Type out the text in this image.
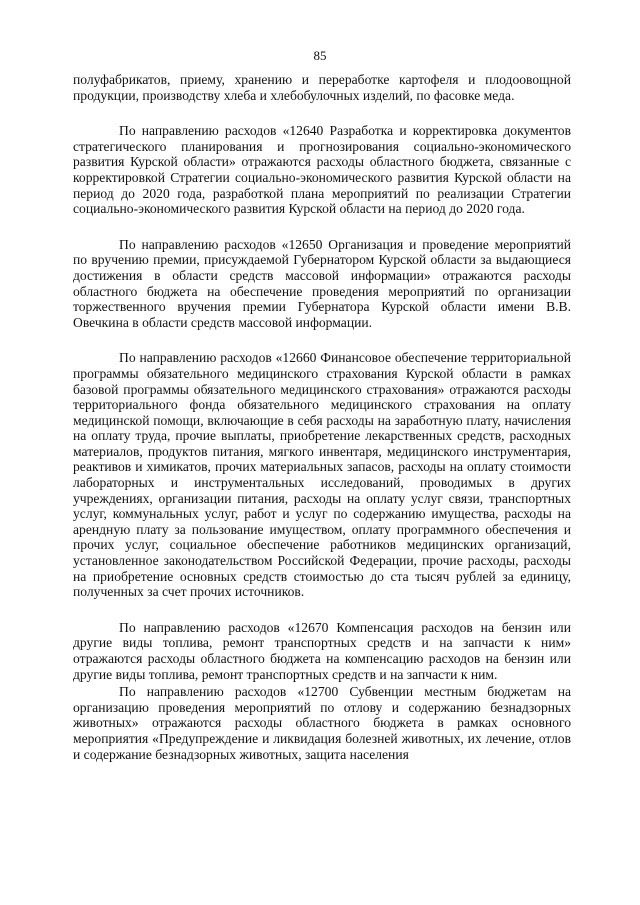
85

полуфабрикатов, приему, хранению и переработке картофеля и плодоовощной продукции, производству хлеба и хлебобулочных изделий, по фасовке меда.

По направлению расходов «12640 Разработка и корректировка документов стратегического планирования и прогнозирования социально-экономического развития Курской области» отражаются расходы областного бюджета, связанные с корректировкой Стратегии социально-экономического развития Курской области на период до 2020 года, разработкой плана мероприятий по реализации Стратегии социально-экономического развития Курской области на период до 2020 года.

По направлению расходов «12650 Организация и проведение мероприятий по вручению премии, присуждаемой Губернатором Курской области за выдающиеся достижения в области средств массовой информации» отражаются расходы областного бюджета на обеспечение проведения мероприятий по организации торжественного вручения премии Губернатора Курской области имени В.В. Овечкина в области средств массовой информации.

По направлению расходов «12660 Финансовое обеспечение территориальной программы обязательного медицинского страхования Курской области в рамках базовой программы обязательного медицинского страхования» отражаются расходы территориального фонда обязательного медицинского страхования на оплату медицинской помощи, включающие в себя расходы на заработную плату, начисления на оплату труда, прочие выплаты, приобретение лекарственных средств, расходных материалов, продуктов питания, мягкого инвентаря, медицинского инструментария, реактивов и химикатов, прочих материальных запасов, расходы на оплату стоимости лабораторных и инструментальных исследований, проводимых в других учреждениях, организации питания, расходы на оплату услуг связи, транспортных услуг, коммунальных услуг, работ и услуг по содержанию имущества, расходы на арендную плату за пользование имуществом, оплату программного обеспечения и прочих услуг, социальное обеспечение работников медицинских организаций, установленное законодательством Российской Федерации, прочие расходы, расходы на приобретение основных средств стоимостью до ста тысяч рублей за единицу, полученных за счет прочих источников.

По направлению расходов «12670 Компенсация расходов на бензин или другие виды топлива, ремонт транспортных средств и на запчасти к ним» отражаются расходы областного бюджета на компенсацию расходов на бензин или другие виды топлива, ремонт транспортных средств и на запчасти к ним.

По направлению расходов «12700 Субвенции местным бюджетам на организацию проведения мероприятий по отлову и содержанию безнадзорных животных» отражаются расходы областного бюджета в рамках основного мероприятия «Предупреждение и ликвидация болезней животных, их лечение, отлов и содержание безнадзорных животных, защита населения
